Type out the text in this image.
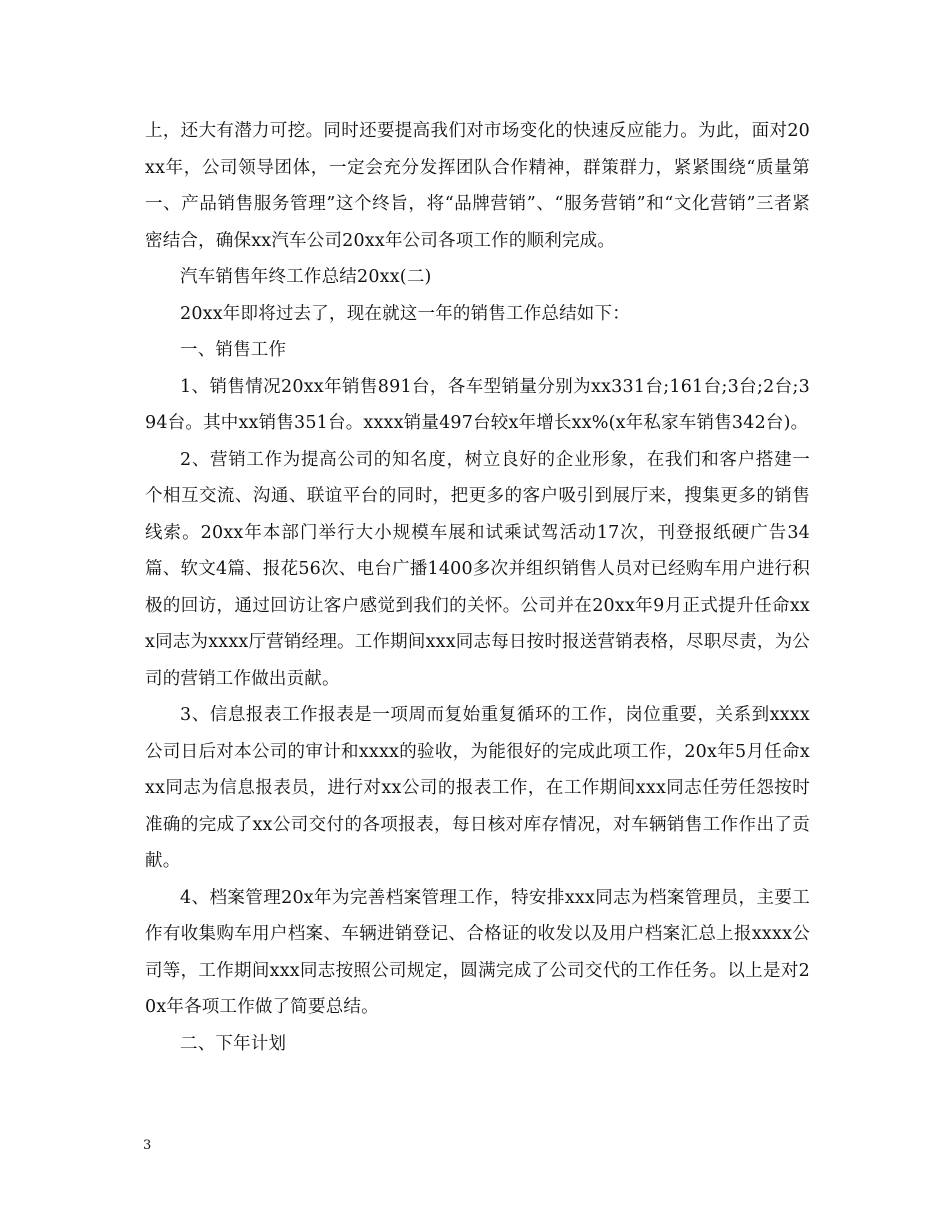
上，还大有潜力可挖。同时还要提高我们对市场变化的快速反应能力。为此，面对20xx年，公司领导团体，一定会充分发挥团队合作精神，群策群力，紧紧围绕“质量第一、产品销售服务管理”这个终旨，将“品牌营销”、“服务营销”和“文化营销”三者紧密结合，确保xx汽车公司20xx年公司各项工作的顺利完成。

汽车销售年终工作总结20xx(二)

20xx年即将过去了，现在就这一年的销售工作总结如下：

一、销售工作

1、销售情况20xx年销售891台，各车型销量分别为xx331台;161台;3台;2台;394台。其中xx销售351台。xxxx销量497台较x年增长xx%(x年私家车销售342台)。

2、营销工作为提高公司的知名度，树立良好的企业形象，在我们和客户搭建一个相互交流、沟通、联谊平台的同时，把更多的客户吸引到展厅来，搜集更多的销售线索。20xx年本部门举行大小规模车展和试乘试驾活动17次，刊登报纸硬广告34篇、软文4篇、报花56次、电台广播1400多次并组织销售人员对已经购车用户进行积极的回访，通过回访让客户感觉到我们的关怀。公司并在20xx年9月正式提升任命xxx同志为xxxx厅营销经理。工作期间xxx同志每日按时报送营销表格，尽职尽责，为公司的营销工作做出贡献。

3、信息报表工作报表是一项周而复始重复循环的工作，岗位重要，关系到xxxx公司日后对本公司的审计和xxxx的验收，为能很好的完成此项工作，20x年5月任命xxx同志为信息报表员，进行对xx公司的报表工作，在工作期间xxx同志任劳任怨按时准确的完成了xx公司交付的各项报表，每日核对库存情况，对车辆销售工作作出了贡献。

4、档案管理20x年为完善档案管理工作，特安排xxx同志为档案管理员，主要工作有收集购车用户档案、车辆进销登记、合格证的收发以及用户档案汇总上报xxxx公司等，工作期间xxx同志按照公司规定，圆满完成了公司交代的工作任务。以上是对20x年各项工作做了简要总结。

二、下年计划

3
